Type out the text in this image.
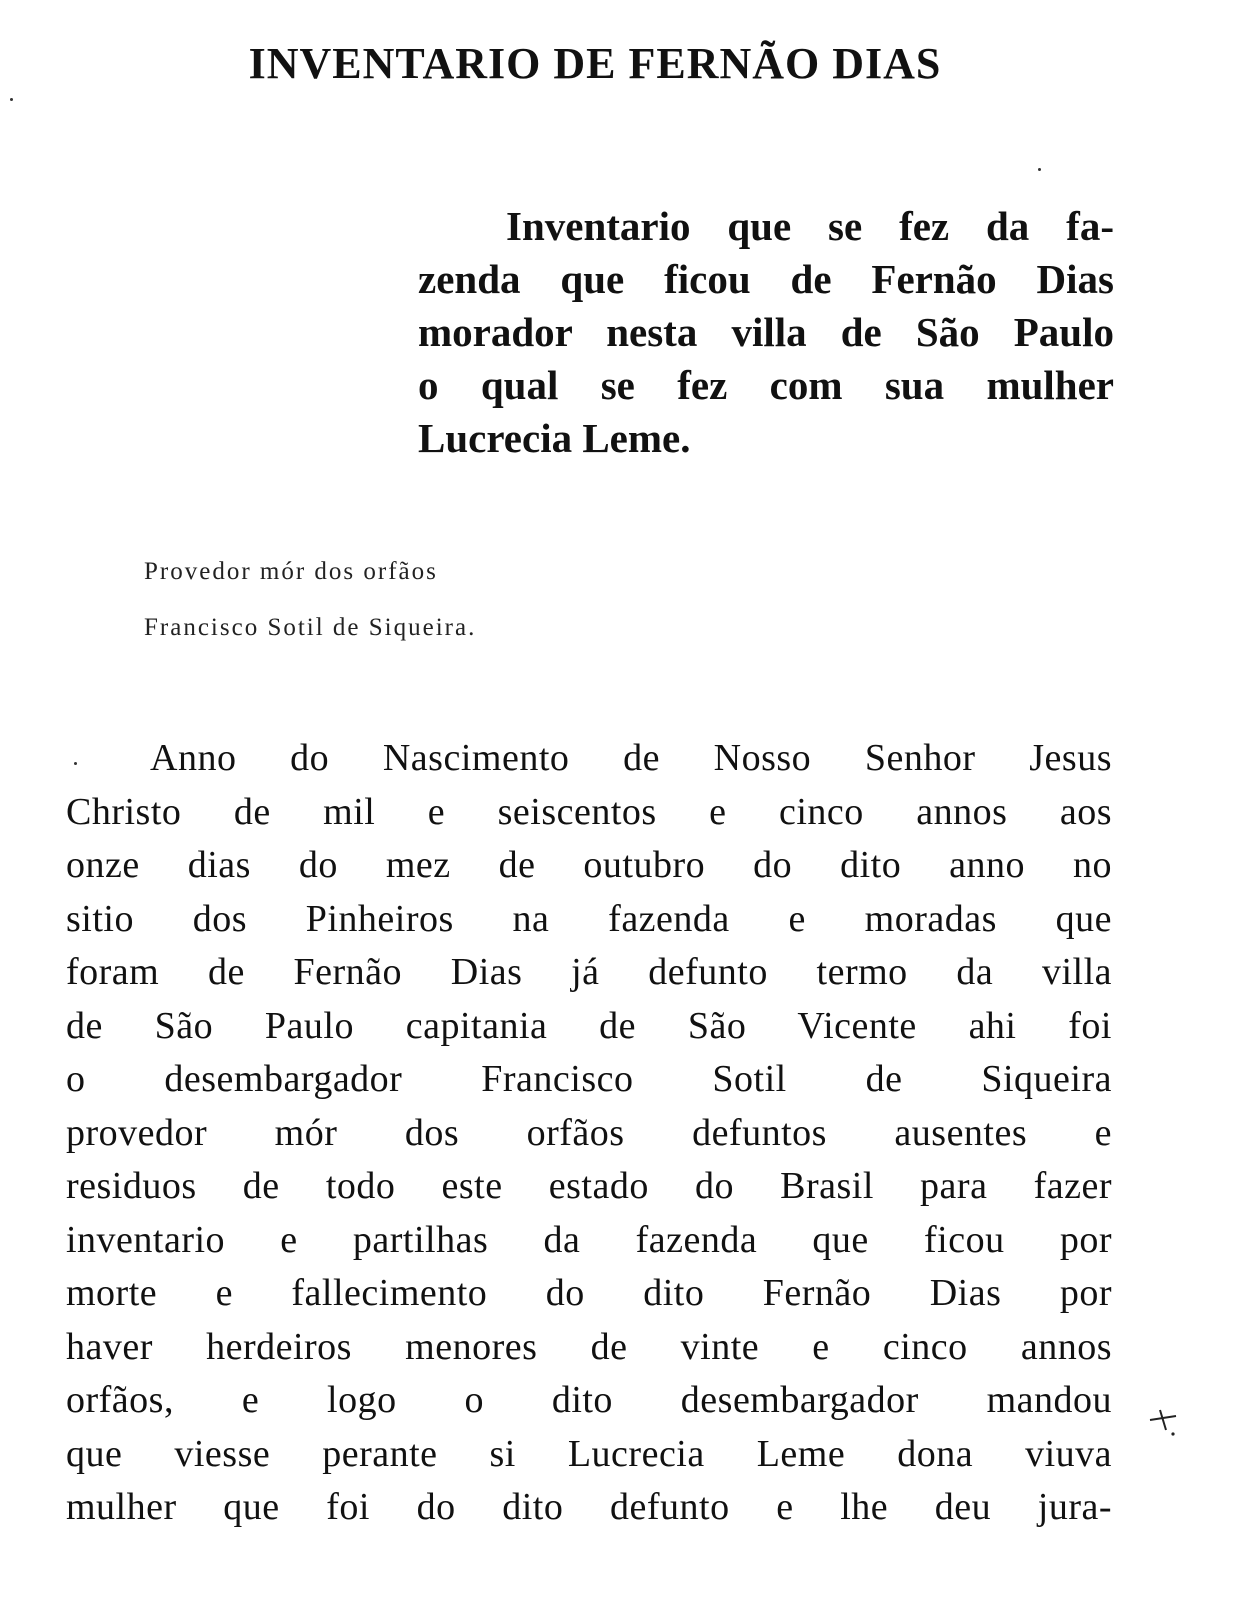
INVENTARIO DE FERNÃO DIAS
Inventario que se fez da fa-
zenda que ficou de Fernão Dias
morador nesta villa de São Paulo
o qual se fez com sua mulher
Lucrecia Leme.
Provedor mór dos orfãos
Francisco Sotil de Siqueira.
Anno do Nascimento de Nosso Senhor Jesus
Christo de mil e seiscentos e cinco annos aos
onze dias do mez de outubro do dito anno no
sitio dos Pinheiros na fazenda e moradas que
foram de Fernão Dias já defunto termo da villa
de São Paulo capitania de São Vicente ahi foi
o desembargador Francisco Sotil de Siqueira
provedor mór dos orfãos defuntos ausentes e
residuos de todo este estado do Brasil para fazer
inventario e partilhas da fazenda que ficou por
morte e fallecimento do dito Fernão Dias por
haver herdeiros menores de vinte e cinco annos
orfãos, e logo o dito desembargador mandou
que viesse perante si Lucrecia Leme dona viuva
mulher que foi do dito defunto e lhe deu jura-
